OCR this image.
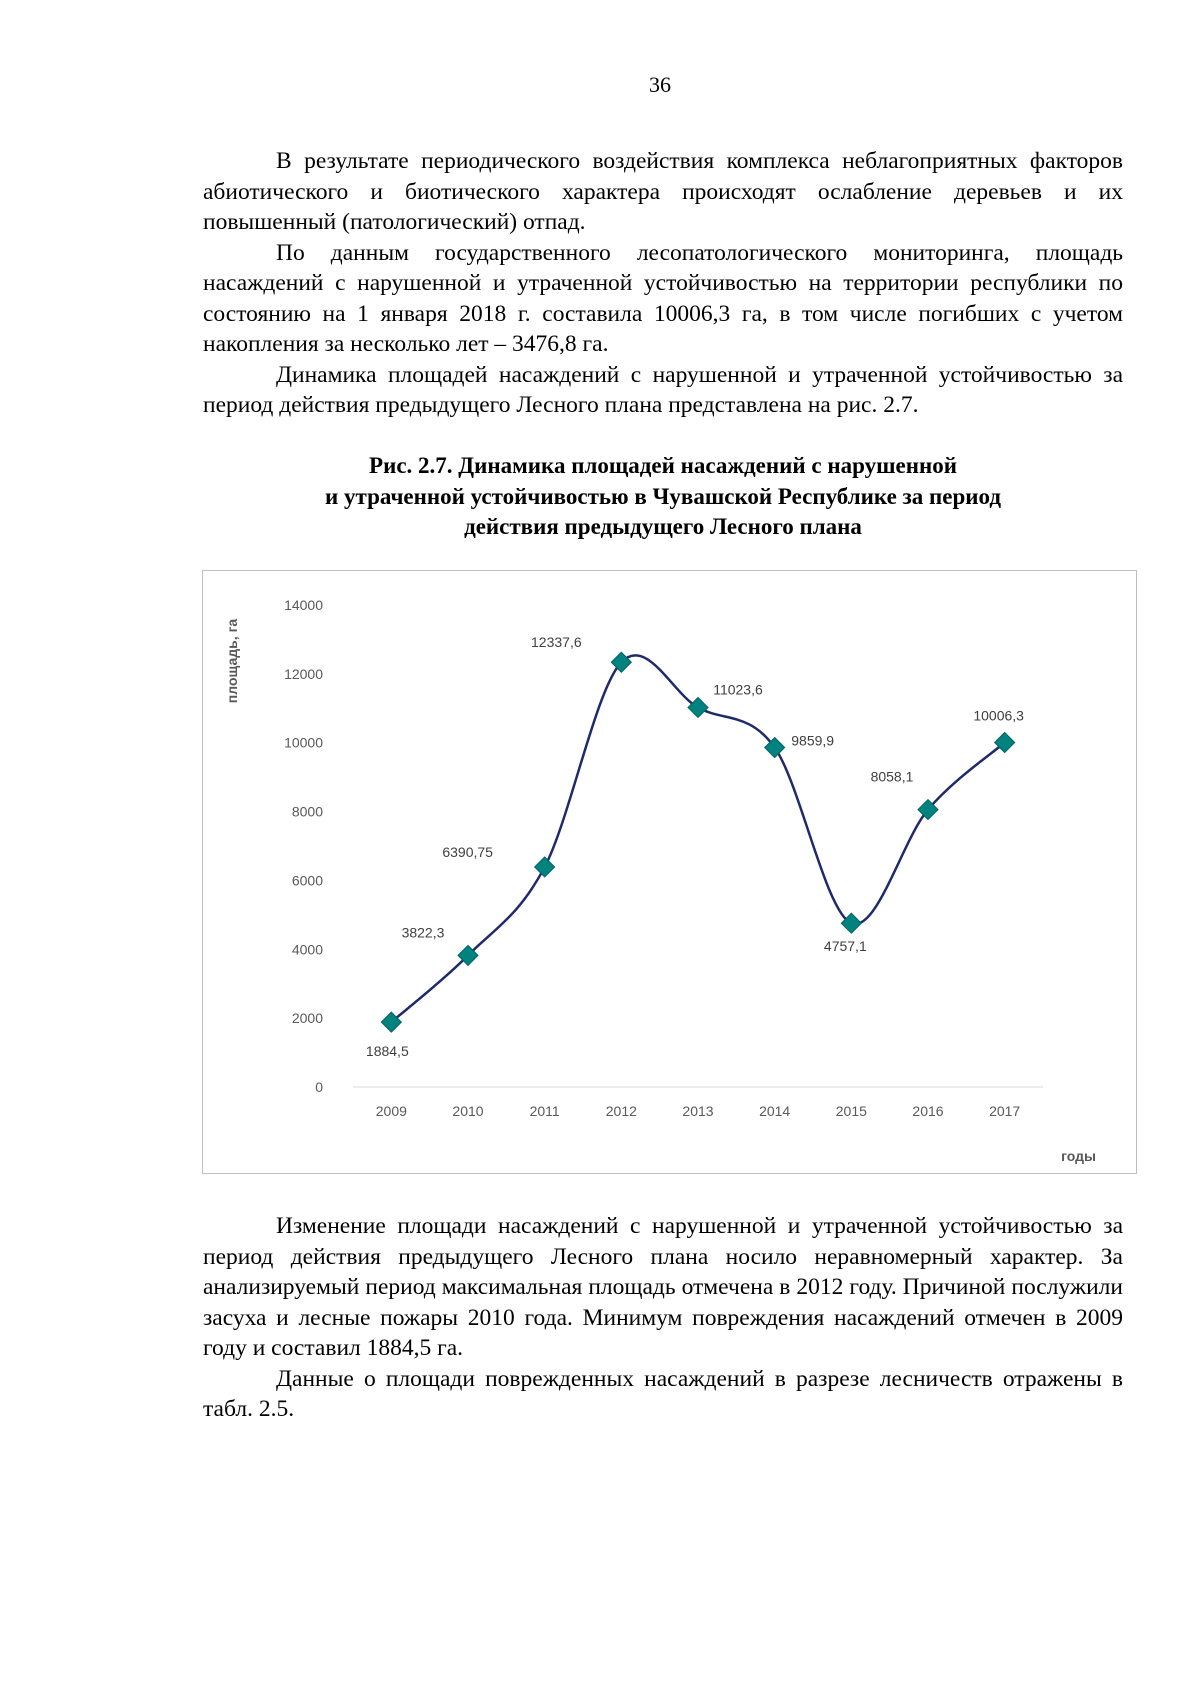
36

В результате периодического воздействия комплекса неблагоприятных факторов абиотического и биотического характера происходят ослабление деревьев и их повышенный (патологический) отпад.

По данным государственного лесопатологического мониторинга, площадь насаждений с нарушенной и утраченной устойчивостью на территории республики по состоянию на 1 января 2018 г. составила 10006,3 га, в том числе погибших с учетом накопления за несколько лет – 3476,8 га.

Динамика площадей насаждений с нарушенной и утраченной устойчивостью за период действия предыдущего Лесного плана представлена на рис. 2.7.

Рис. 2.7. Динамика площадей насаждений с нарушенной
и утраченной устойчивостью в Чувашской Республике за период
действия предыдущего Лесного плана
0
2000
4000
6000
8000
10000
12000
14000
2009	2010	2011	2012	2013	2014	2015	2016	2017
1884,5
3822,3
6390,75
12337,6
11023,6
9859,9
4757,1
8058,1
10006,3
площадь, га
годы

Изменение площади насаждений с нарушенной и утраченной устойчивостью за период действия предыдущего Лесного плана носило неравномерный характер. За анализируемый период максимальная площадь отмечена в 2012 году. Причиной послужили засуха и лесные пожары 2010 года. Минимум повреждения насаждений отмечен в 2009 году и составил 1884,5 га.

Данные о площади поврежденных насаждений в разрезе лесничеств отражены в табл. 2.5.
